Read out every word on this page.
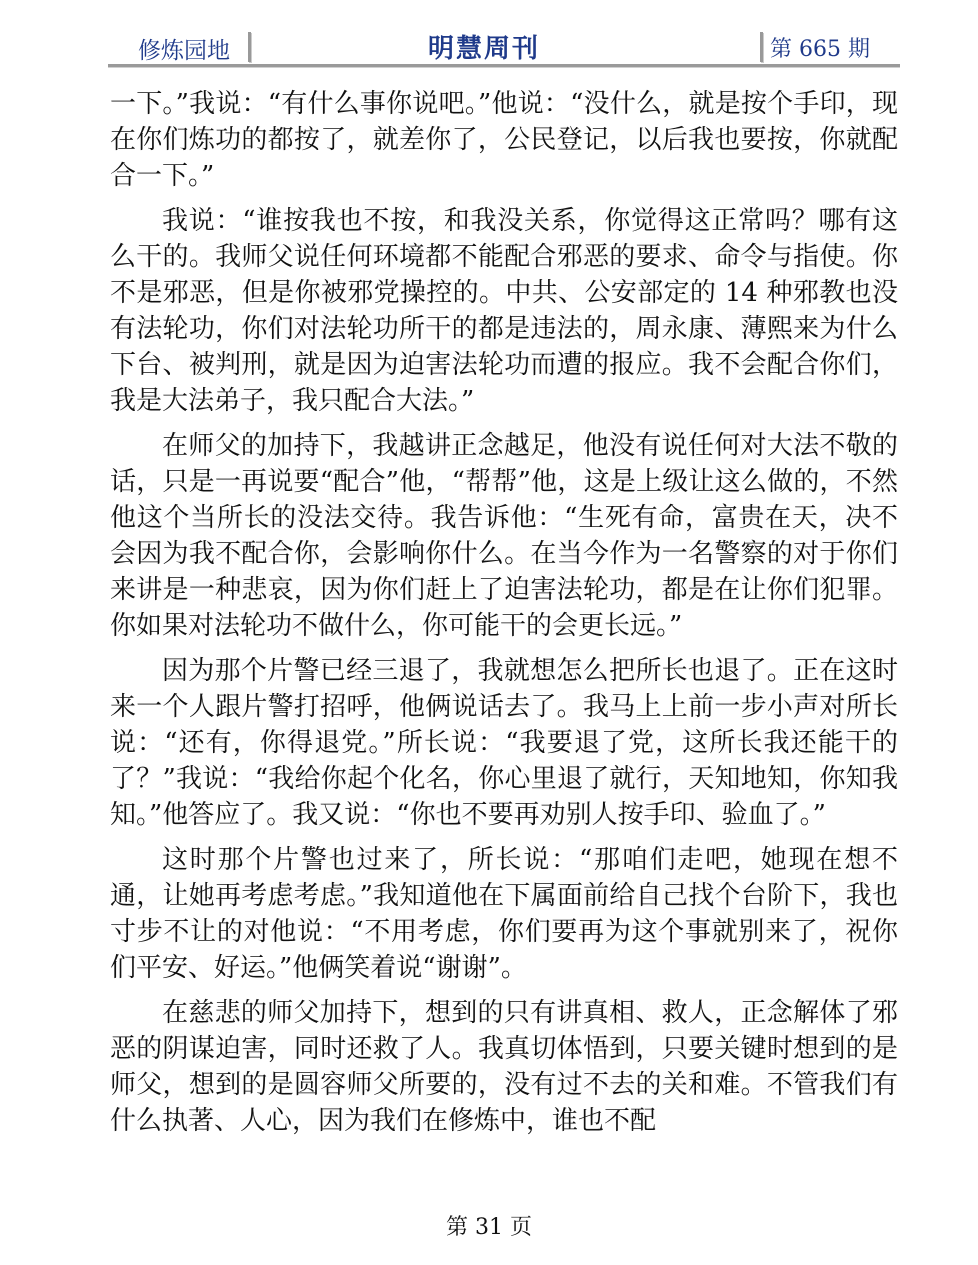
修炼园地	明慧周刊	第 665 期

一下。”我说：“有什么事你说吧。”他说：“没什么，就是按个手印，现在你们炼功的都按了，就差你了，公民登记，以后我也要按，你就配合一下。”

我说：“谁按我也不按，和我没关系，你觉得这正常吗？哪有这么干的。我师父说任何环境都不能配合邪恶的要求、命令与指使。你不是邪恶，但是你被邪党操控的。中共、公安部定的 14 种邪教也没有法轮功，你们对法轮功所干的都是违法的，周永康、薄熙来为什么下台、被判刑，就是因为迫害法轮功而遭的报应。我不会配合你们，我是大法弟子，我只配合大法。”

在师父的加持下，我越讲正念越足，他没有说任何对大法不敬的话，只是一再说要“配合”他，“帮帮”他，这是上级让这么做的，不然他这个当所长的没法交待。我告诉他：“生死有命，富贵在天，决不会因为我不配合你，会影响你什么。在当今作为一名警察的对于你们来讲是一种悲哀，因为你们赶上了迫害法轮功，都是在让你们犯罪。你如果对法轮功不做什么，你可能干的会更长远。”

因为那个片警已经三退了，我就想怎么把所长也退了。正在这时来一个人跟片警打招呼，他俩说话去了。我马上上前一步小声对所长说：“还有，你得退党。”所长说：“我要退了党，这所长我还能干的了？”我说：“我给你起个化名，你心里退了就行，天知地知，你知我知。”他答应了。我又说：“你也不要再劝别人按手印、验血了。”

这时那个片警也过来了，所长说：“那咱们走吧，她现在想不通，让她再考虑考虑。”我知道他在下属面前给自己找个台阶下，我也寸步不让的对他说：“不用考虑，你们要再为这个事就别来了，祝你们平安、好运。”他俩笑着说“谢谢”。

在慈悲的师父加持下，想到的只有讲真相、救人，正念解体了邪恶的阴谋迫害，同时还救了人。我真切体悟到，只要关键时想到的是师父，想到的是圆容师父所要的，没有过不去的关和难。不管我们有什么执著、人心，因为我们在修炼中，谁也不配

第 31 页
